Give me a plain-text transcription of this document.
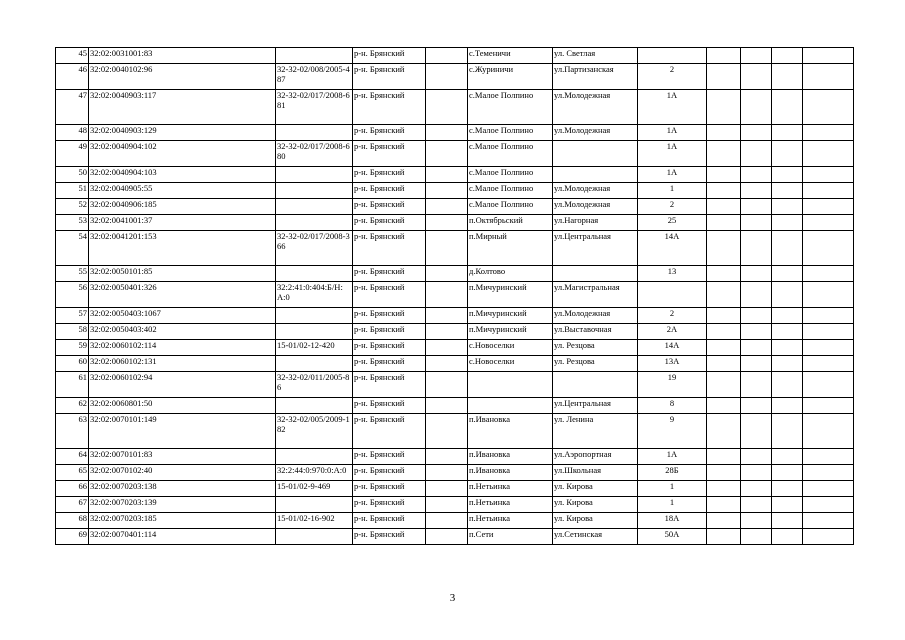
45	32:02:0031001:83		р-н. Брянский		с.Теменичи	ул. Светлая					
46	32:02:0040102:96	32-32-02/008/2005-487	р-н. Брянский		с.Журиничи	ул.Партизанская	2				
47	32:02:0040903:117	32-32-02/017/2008-681	р-н. Брянский		с.Малое Полпино	ул.Молодежная	1А				
48	32:02:0040903:129		р-н. Брянский		с.Малое Полпино	ул.Молодежная	1А				
49	32:02:0040904:102	32-32-02/017/2008-680	р-н. Брянский		с.Малое Полпино		1А				
50	32:02:0040904:103		р-н. Брянский		с.Малое Полпино		1А				
51	32:02:0040905:55		р-н. Брянский		с.Малое Полпино	ул.Молодежная	1				
52	32:02:0040906:185		р-н. Брянский		с.Малое Полпино	ул.Молодежная	2				
53	32:02:0041001:37		р-н. Брянский		п.Октябрьский	ул.Нагорная	25				
54	32:02:0041201:153	32-32-02/017/2008-366	р-н. Брянский		п.Мирный	ул.Центральная	14А				
55	32:02:0050101:85		р-н. Брянский		д.Колтово		13				
56	32:02:0050401:326	32:2:41:0:404:Б/Н:А:0	р-н. Брянский		п.Мичуринский	ул.Магистральная					
57	32:02:0050403:1067		р-н. Брянский		п.Мичуринский	ул.Молодежная	2				
58	32:02:0050403:402		р-н. Брянский		п.Мичуринский	ул.Выставочная	2А				
59	32:02:0060102:114	15-01/02-12-420	р-н. Брянский		с.Новоселки	ул. Резцова	14А				
60	32:02:0060102:131		р-н. Брянский		с.Новоселки	ул. Резцова	13А				
61	32:02:0060102:94	32-32-02/011/2005-86	р-н. Брянский				19				
62	32:02:0060801:50		р-н. Брянский			ул.Центральная	8				
63	32:02:0070101:149	32-32-02/005/2009-182	р-н. Брянский		п.Ивановка	ул. Ленина	9				
64	32:02:0070101:83		р-н. Брянский		п.Ивановка	ул.Аэропортная	1А				
65	32:02:0070102:40	32:2:44:0:970:0:А:0	р-н. Брянский		п.Ивановка	ул.Школьная	28Б				
66	32:02:0070203:138	15-01/02-9-469	р-н. Брянский		п.Нетьинка	ул. Кирова	1				
67	32:02:0070203:139		р-н. Брянский		п.Нетьинка	ул. Кирова	1				
68	32:02:0070203:185	15-01/02-16-902	р-н. Брянский		п.Нетьинка	ул. Кирова	18А				
69	32:02:0070401:114		р-н. Брянский		п.Сети	ул.Сетинская	50А				
3
